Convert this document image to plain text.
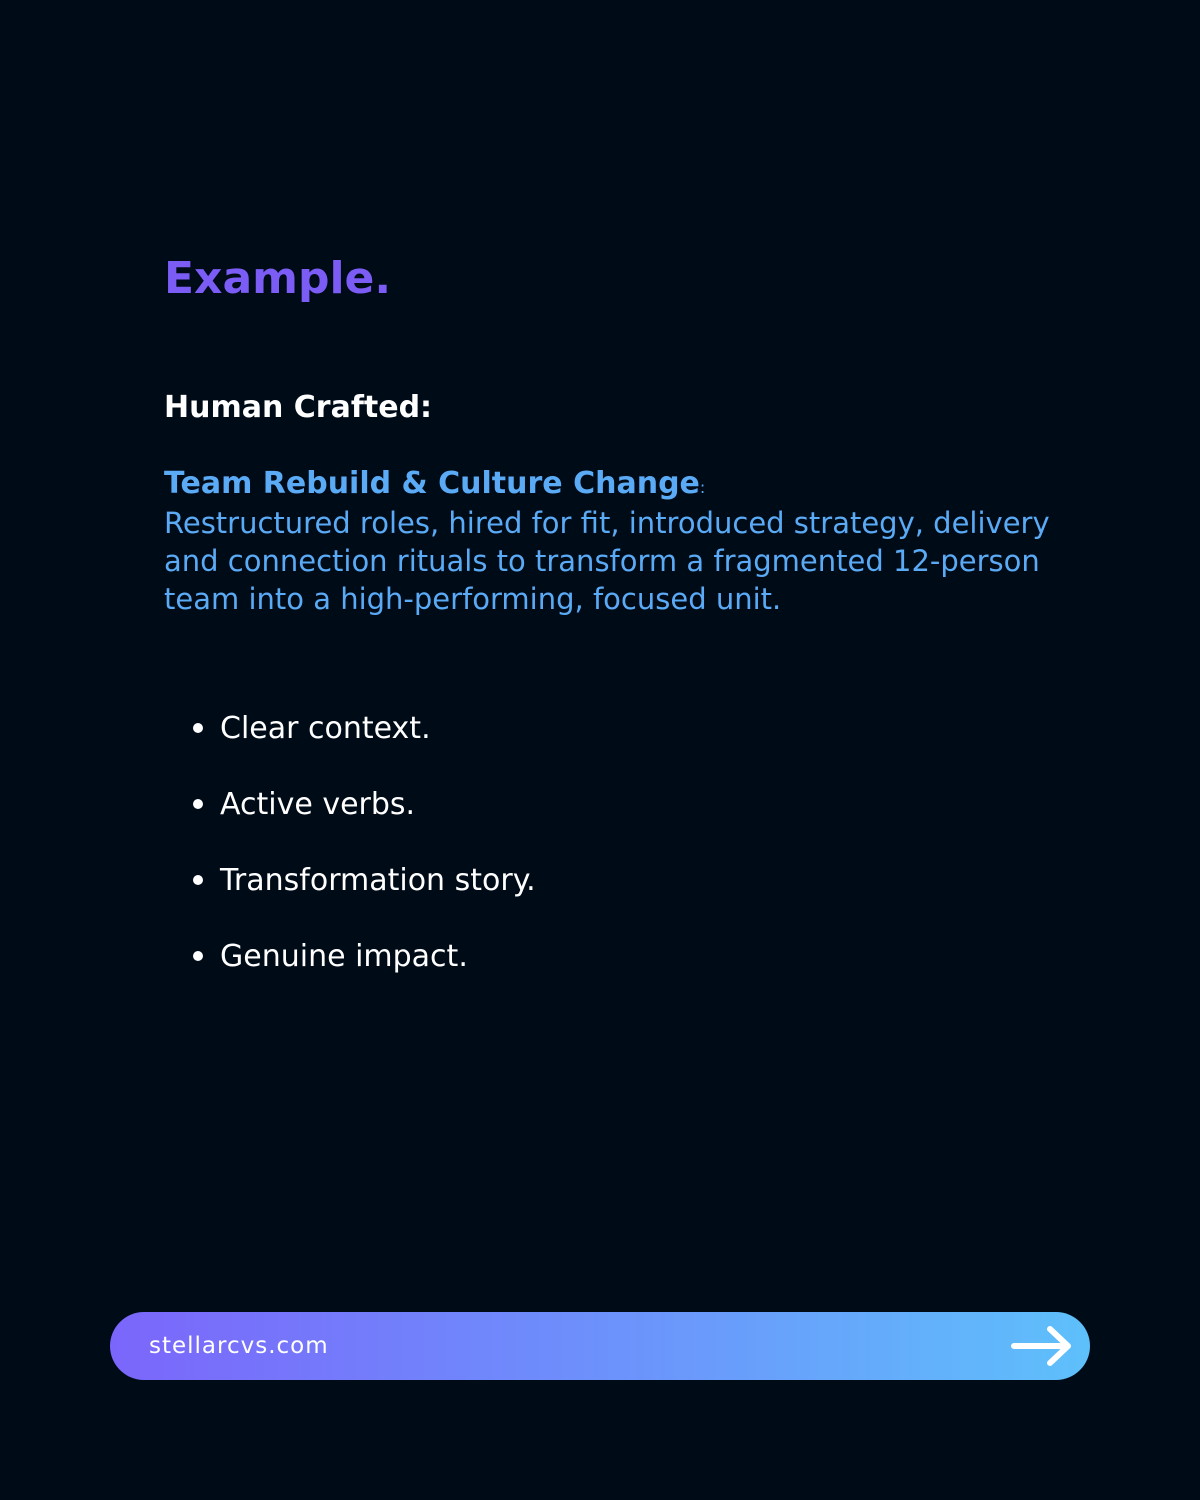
Example.
Human Crafted:
Team Rebuild & Culture Change:

Restructured roles, hired for fit, introduced strategy, delivery and connection rituals to transform a fragmented 12-person team into a high-performing, focused unit.

Clear context.
Active verbs.
Transformation story.
Genuine impact.
stellarcvs.com
